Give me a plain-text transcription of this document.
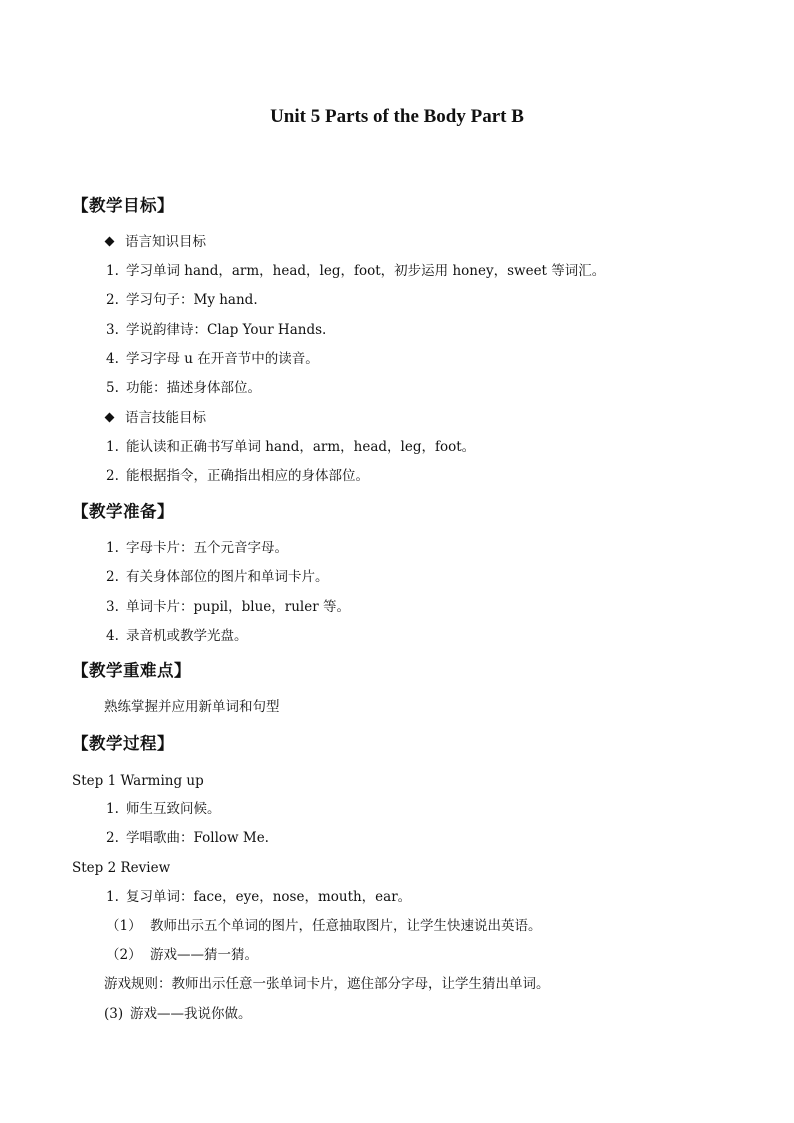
Unit 5 Parts of the Body Part B
【教学目标】
语言知识目标
1. 学习单词 hand，arm，head，leg，foot，初步运用 honey，sweet 等词汇。
2. 学习句子：My hand.
3. 学说韵律诗：Clap Your Hands.
4. 学习字母 u 在开音节中的读音。
5. 功能：描述身体部位。
语言技能目标
1. 能认读和正确书写单词 hand，arm，head，leg，foot。
2. 能根据指令，正确指出相应的身体部位。
【教学准备】
1. 字母卡片：五个元音字母。
2. 有关身体部位的图片和单词卡片。
3. 单词卡片：pupil，blue，ruler 等。
4. 录音机或教学光盘。
【教学重难点】
熟练掌握并应用新单词和句型
【教学过程】
Step 1 Warming up
1. 师生互致问候。
2. 学唱歌曲：Follow Me.
Step 2 Review
1. 复习单词：face，eye，nose，mouth，ear。
（1） 教师出示五个单词的图片，任意抽取图片，让学生快速说出英语。
（2） 游戏——猜一猜。
游戏规则：教师出示任意一张单词卡片，遮住部分字母，让学生猜出单词。
(3) 游戏——我说你做。
